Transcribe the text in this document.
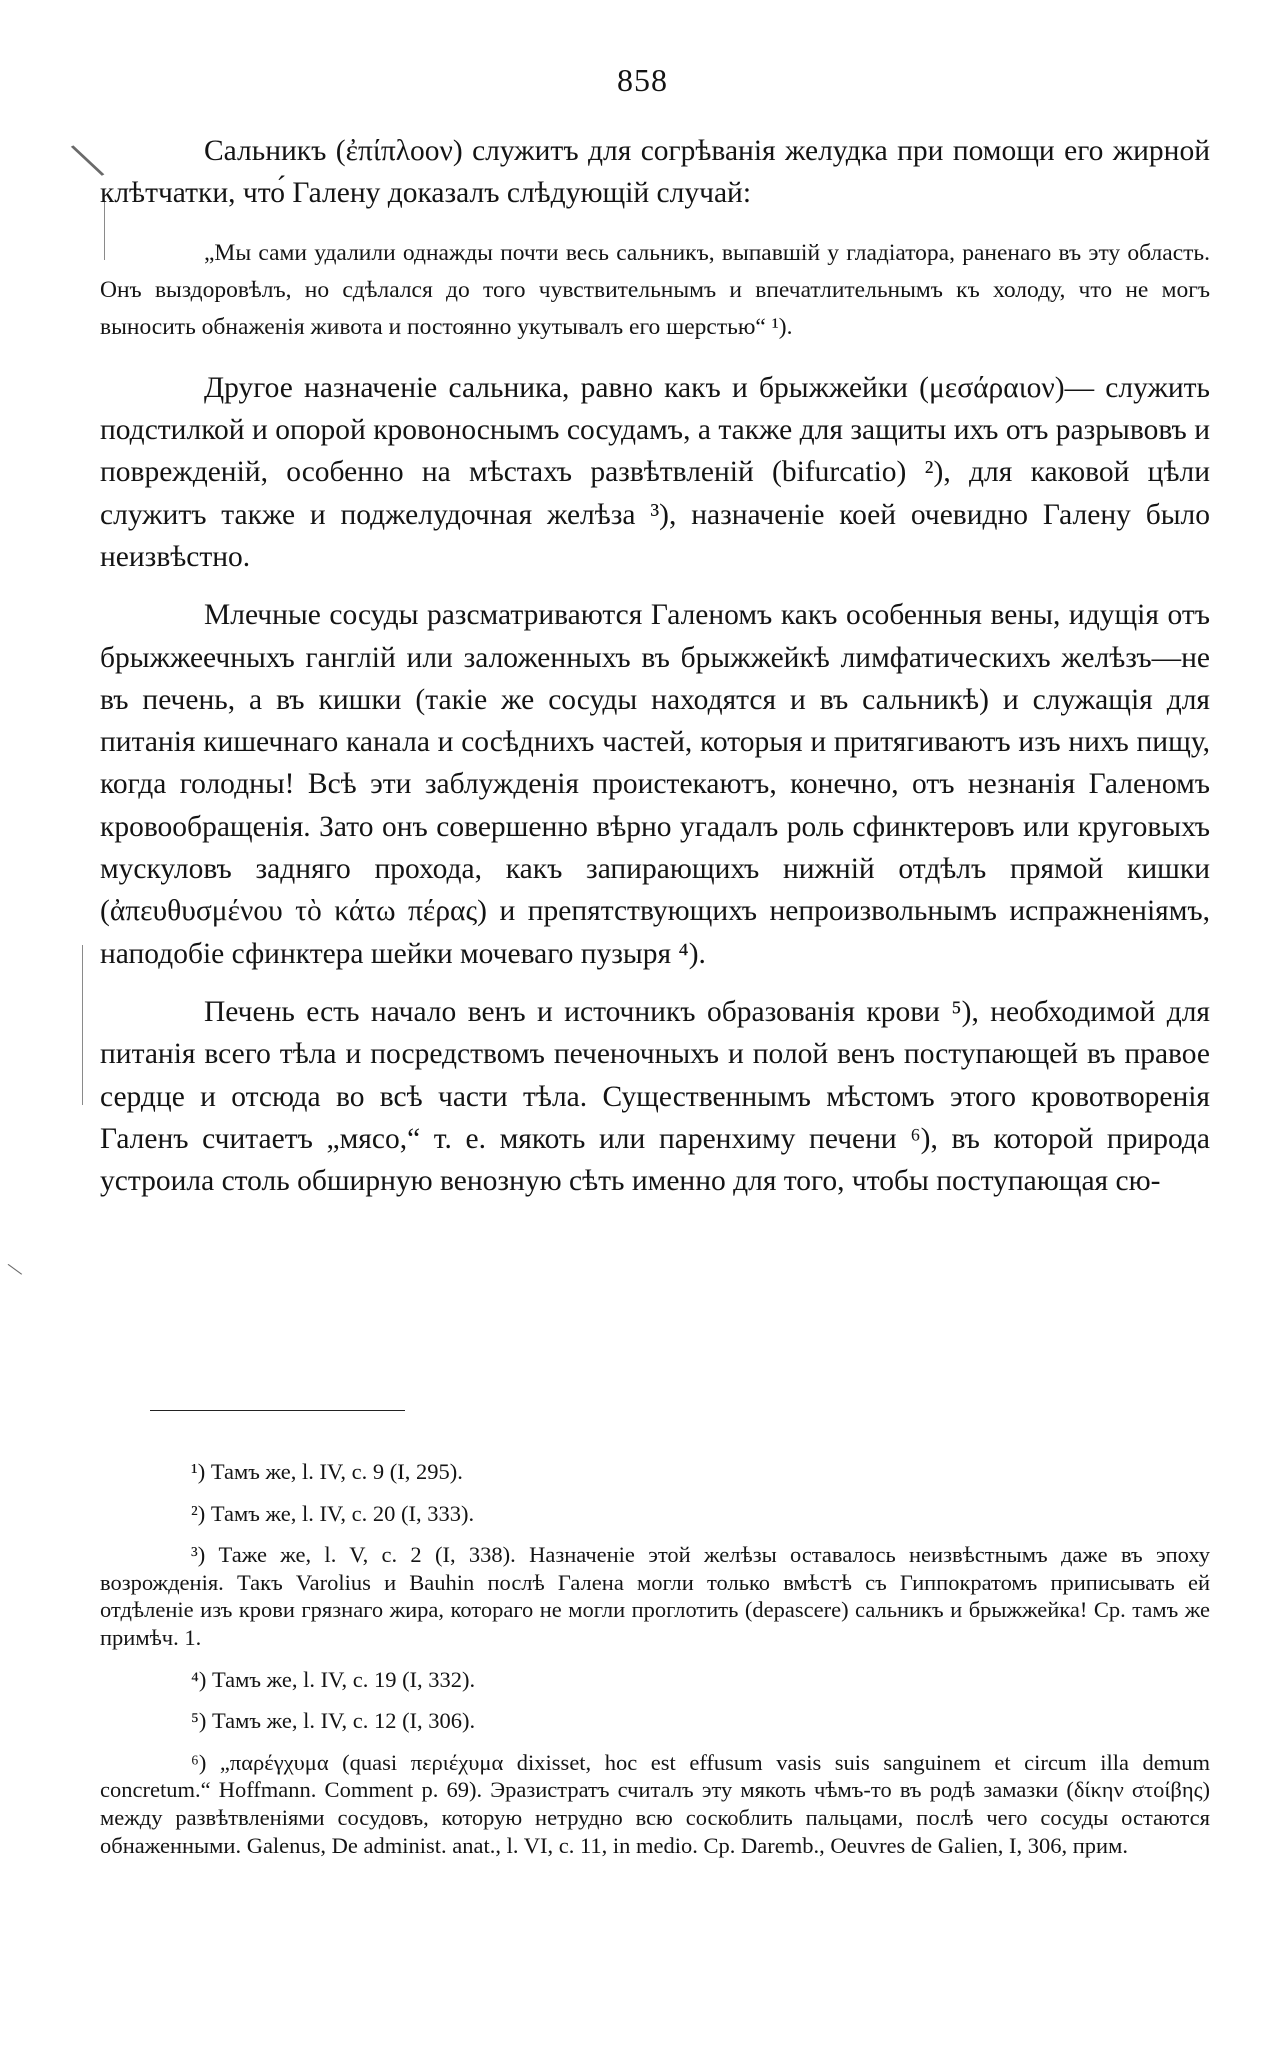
858
\
\

Сальникъ (ἐπίπλοον) служитъ для согрѣванія желудка при помощи его жирной клѣтчатки, что́ Галену доказалъ слѣдующій случай:

„Мы сами удалили однажды почти весь сальникъ, выпавшій у гладіатора, раненаго въ эту область. Онъ выздоровѣлъ, но сдѣлался до того чувствительнымъ и впечатлительнымъ къ холоду, что не могъ выносить обнаженія живота и постоянно укутывалъ его шерстью“ ¹).

Другое назначеніе сальника, равно какъ и брыжжейки (μεσάραιον)— служить подстилкой и опорой кровоноснымъ сосудамъ, а также для защиты ихъ отъ разрывовъ и поврежденій, особенно на мѣстахъ развѣтвленій (bifurcatio) ²), для каковой цѣли служитъ также и поджелудочная желѣза ³), назначеніе коей очевидно Галену было неизвѣстно.

Млечные сосуды разсматриваются Галеномъ какъ особенныя вены, идущія отъ брыжжеечныхъ ганглій или заложенныхъ въ брыжжейкѣ лимфатическихъ желѣзъ—не въ печень, а въ кишки (такіе же сосуды находятся и въ сальникѣ) и служащія для питанія кишечнаго канала и сосѣднихъ частей, которыя и притягиваютъ изъ нихъ пищу, когда голодны! Всѣ эти заблужденія проистекаютъ, конечно, отъ незнанія Галеномъ кровообращенія. Зато онъ совершенно вѣрно угадалъ роль сфинктеровъ или круговыхъ мускуловъ задняго прохода, какъ запирающихъ нижній отдѣлъ прямой кишки (ἀπευθυσμένου τὸ κάτω πέρας) и препятствующихъ непроизвольнымъ испражненіямъ, наподобіе сфинктера шейки мочеваго пузыря ⁴).

Печень есть начало венъ и источникъ образованія крови ⁵), необходимой для питанія всего тѣла и посредствомъ печеночныхъ и полой венъ поступающей въ правое сердце и отсюда во всѣ части тѣла. Существеннымъ мѣстомъ этого кровотворенія Галенъ считаетъ „мясо,“ т. е. мякоть или паренхиму печени ⁶), въ которой природа устроила столь обширную венозную сѣть именно для того, чтобы поступающая сю-

¹) Тамъ же, l. IV, c. 9 (I, 295).

²) Тамъ же, l. IV, c. 20 (I, 333).

³) Таже же, l. V, c. 2 (I, 338). Назначеніе этой желѣзы оставалось неизвѣстнымъ даже въ эпоху возрожденія. Такъ Varolius и Bauhin послѣ Галена могли только вмѣстѣ съ Гиппократомъ приписывать ей отдѣленіе изъ крови грязнаго жира, котораго не могли проглотить (depascere) сальникъ и брыжжейка! Ср. тамъ же примѣч. 1.

⁴) Тамъ же, l. IV, c. 19 (I, 332).

⁵) Тамъ же, l. IV, c. 12 (I, 306).

⁶) „παρέγχυμα (quasi περιέχυμα dixisset, hoc est effusum vasis suis sanguinem et circum illa demum concretum.“ Hoffmann. Comment p. 69). Эразистратъ считалъ эту мякоть чѣмъ-то въ родѣ замазки (δίκην στοίβης) между развѣтвленіями сосудовъ, которую нетрудно всю соскоблить пальцами, послѣ чего сосуды остаются обнаженными. Galenus, De administ. anat., l. VI, c. 11, in medio. Ср. Daremb., Oeuvres de Galien, I, 306, прим.
